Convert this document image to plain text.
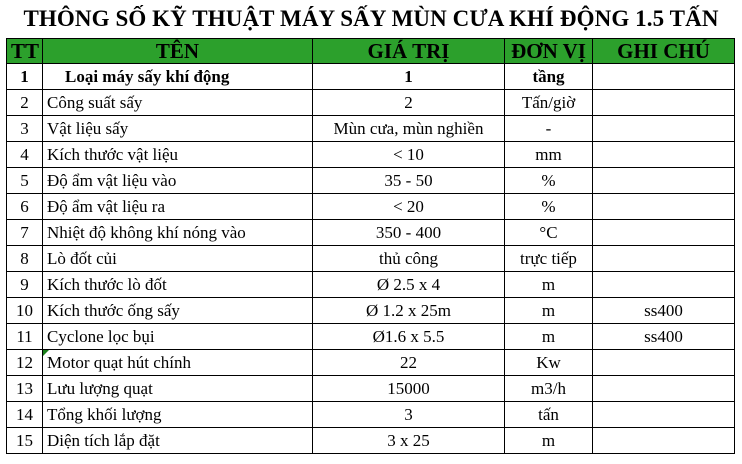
THÔNG SỐ KỸ THUẬT MÁY SẤY MÙN CƯA KHÍ ĐỘNG 1.5 TẤN
TT	TÊN	GIÁ TRỊ	ĐƠN VỊ	GHI CHÚ
1	Loại máy sấy khí động	1	tầng	
2	Công suất sấy	2	Tấn/giờ	
3	Vật liệu sấy	Mùn cưa, mùn nghiền	-	
4	Kích thước vật liệu	< 10	mm	
5	Độ ẩm vật liệu vào	35 - 50	%	
6	Độ ẩm vật liệu ra	< 20	%	
7	Nhiệt độ không khí nóng vào	350 - 400	°C	
8	Lò đốt củi	thủ công	trực tiếp	
9	Kích thước lò đốt	Ø 2.5 x 4	m	
10	Kích thước ống sấy	Ø 1.2 x 25m	m	ss400
11	Cyclone lọc bụi	Ø1.6 x 5.5	m	ss400
12	Motor quạt hút chính	22	Kw	
13	Lưu lượng quạt	15000	m3/h	
14	Tổng khối lượng	3	tấn	
15	Diện tích lắp đặt	3 x 25	m	
